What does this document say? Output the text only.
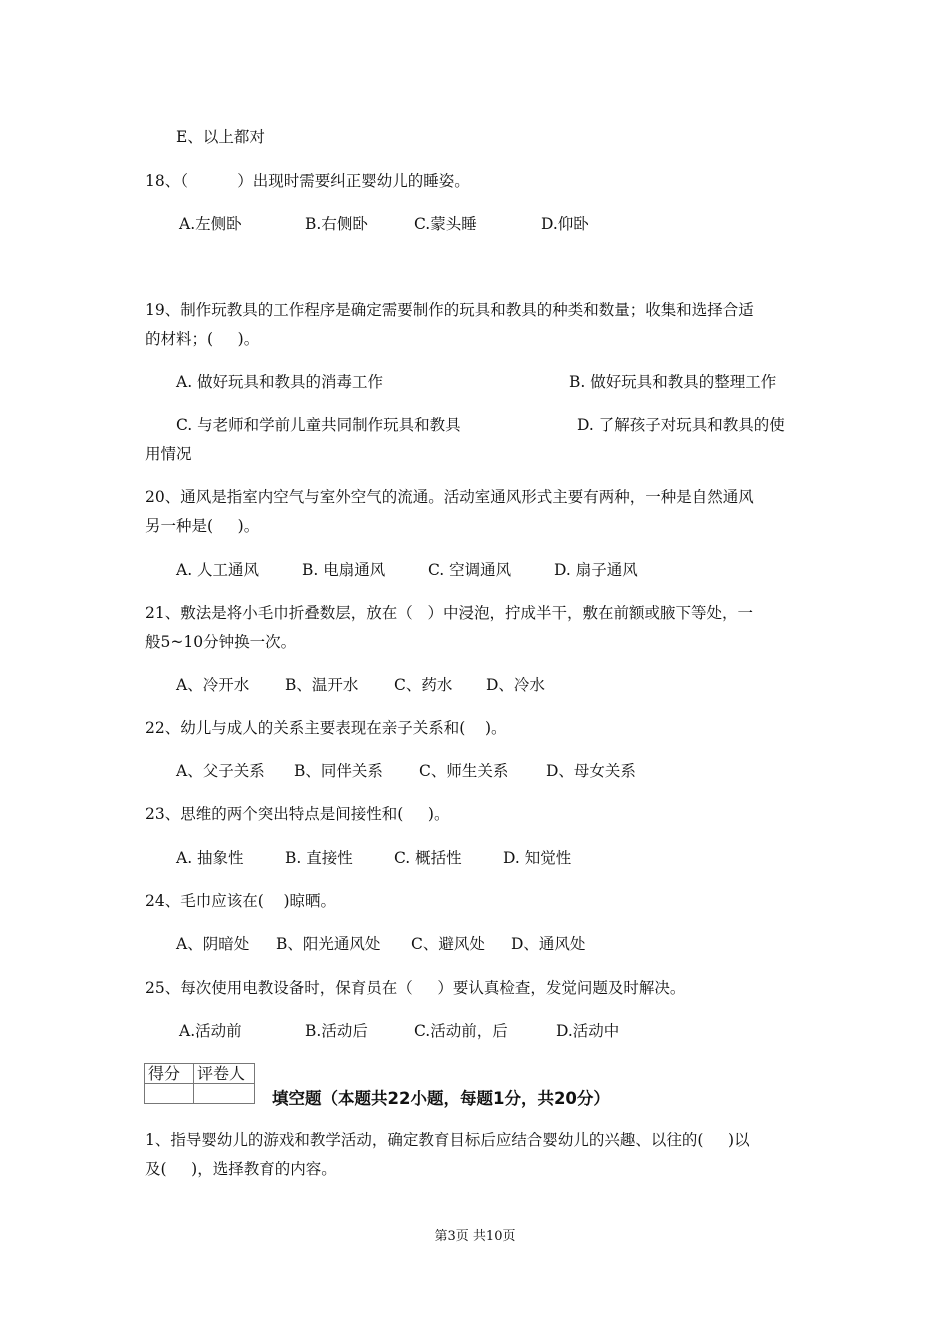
E、以上都对
18、（          ）出现时需要纠正婴幼儿的睡姿。
A.左侧卧	B.右侧卧	C.蒙头睡	D.仰卧
19、制作玩教具的工作程序是确定需要制作的玩具和教具的种类和数量；收集和选择合适
的材料；(     )。
A. 做好玩具和教具的消毒工作	B. 做好玩具和教具的整理工作
C. 与老师和学前儿童共同制作玩具和教具	D. 了解孩子对玩具和教具的使
用情况
20、通风是指室内空气与室外空气的流通。活动室通风形式主要有两种，一种是自然通风
另一种是(     )。
A. 人工通风	B. 电扇通风	C. 空调通风	D. 扇子通风
21、敷法是将小毛巾折叠数层，放在（   ）中浸泡，拧成半干，敷在前额或腋下等处，一
般5~10分钟换一次。
A、冷开水 B、温开水 C、药水 D、冷水
22、幼儿与成人的关系主要表现在亲子关系和(    )。
A、父子关系 B、同伴关系 C、师生关系 D、母女关系
23、思维的两个突出特点是间接性和(     )。
A. 抽象性	B. 直接性	C. 概括性	D. 知觉性
24、毛巾应该在(    )晾晒。
A、阴暗处 B、阳光通风处 C、避风处 D、通风处
25、每次使用电教设备时，保育员在（     ）要认真检查，发觉问题及时解决。
A.活动前	B.活动后	C.活动前，后	D.活动中
得分	评卷人

填空题（本题共22小题，每题1分，共20分）
1、指导婴幼儿的游戏和教学活动，确定教育目标后应结合婴幼儿的兴趣、以往的(     )以
及(     )，选择教育的内容。
第3页 共10页
